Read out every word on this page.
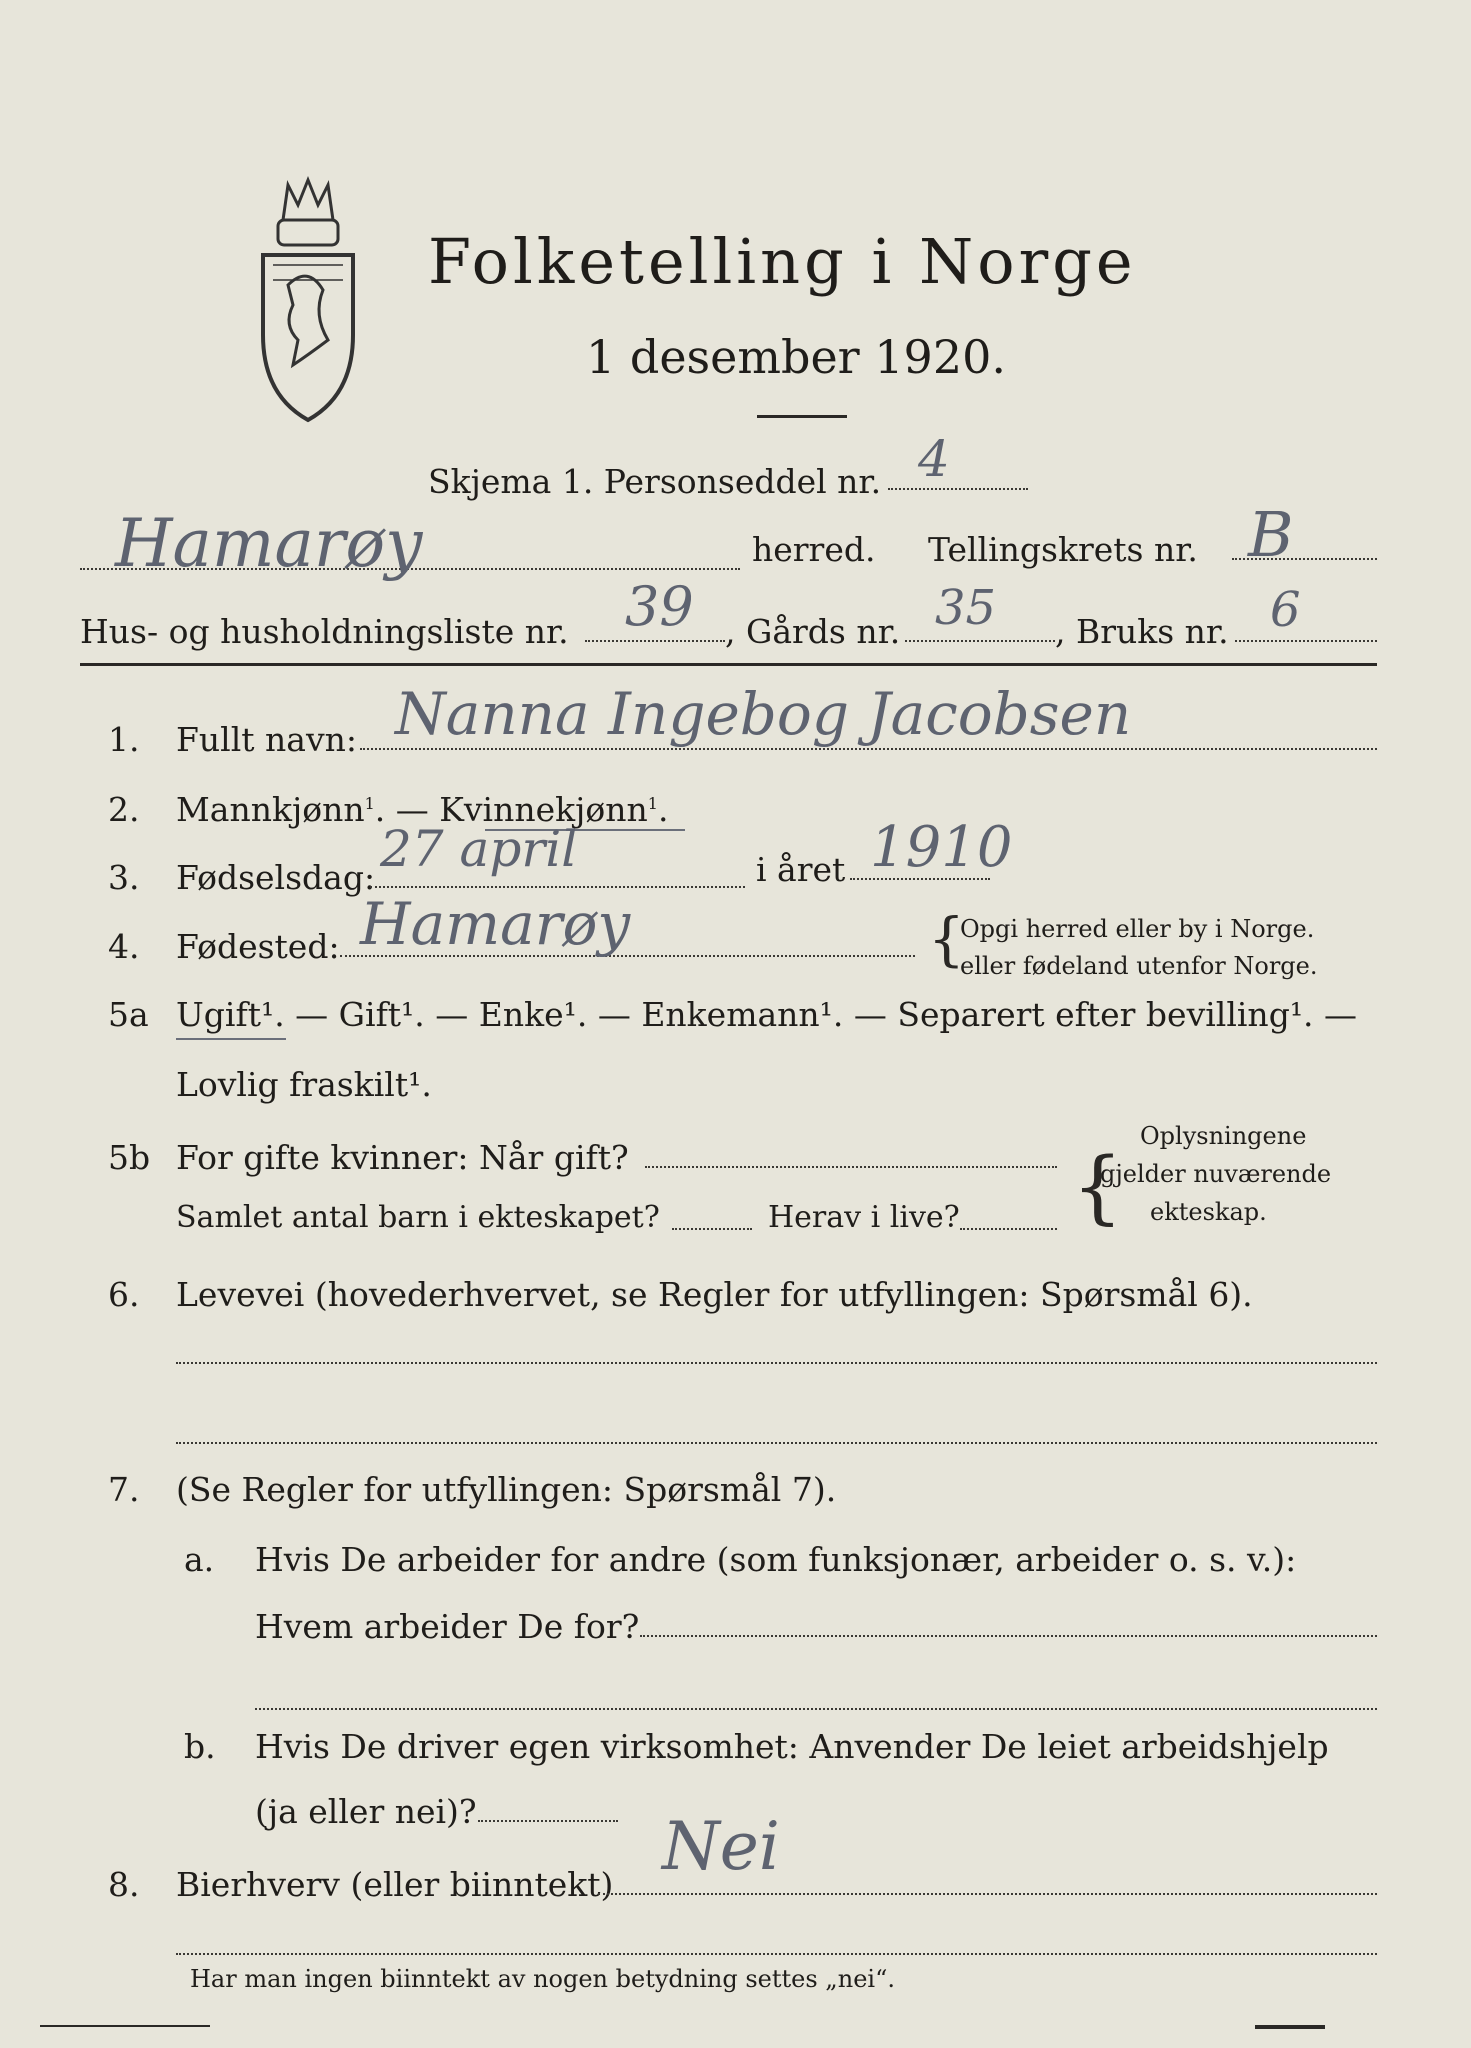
Folketelling i Norge
1 desember 1920.
Skjema 1. Personseddel nr. 4
Hamarøy	herred. Tellingskrets nr. B
Hus- og husholdningsliste nr. 39 , Gårds nr. 35 , Bruks nr. 6
1. Fullt navn: Nanna Ingebog Jacobsen
2. Mannkjønn$^1$. — Kvinnekjønn$^1$.
3. Fødselsdag: 27 april	i året 1910
4. Fødested: Hamarøy	{
Opgi herred eller by i Norge.
eller fødeland utenfor Norge.
5a Ugift¹. — Gift¹. — Enke¹. — Enkemann¹. — Separert efter bevilling¹. —
Lovlig fraskilt¹.
5b For gifte kvinner: Når gift?
Samlet antal barn i ekteskapet?	Herav i live? {
Oplysningene
gjelder nuværende
ekteskap.
6. Levevei (hovederhvervet, se Regler for utfyllingen: Spørsmål 6).
7. (Se Regler for utfyllingen: Spørsmål 7).
a. Hvis De arbeider for andre (som funksjonær, arbeider o. s. v.):
Hvem arbeider De for?
b. Hvis De driver egen virksomhet: Anvender De leiet arbeidshjelp
(ja eller nei)?
8. Bierhverv (eller biinntekt) Nei
Har man ingen biinntekt av nogen betydning settes „nei“.
